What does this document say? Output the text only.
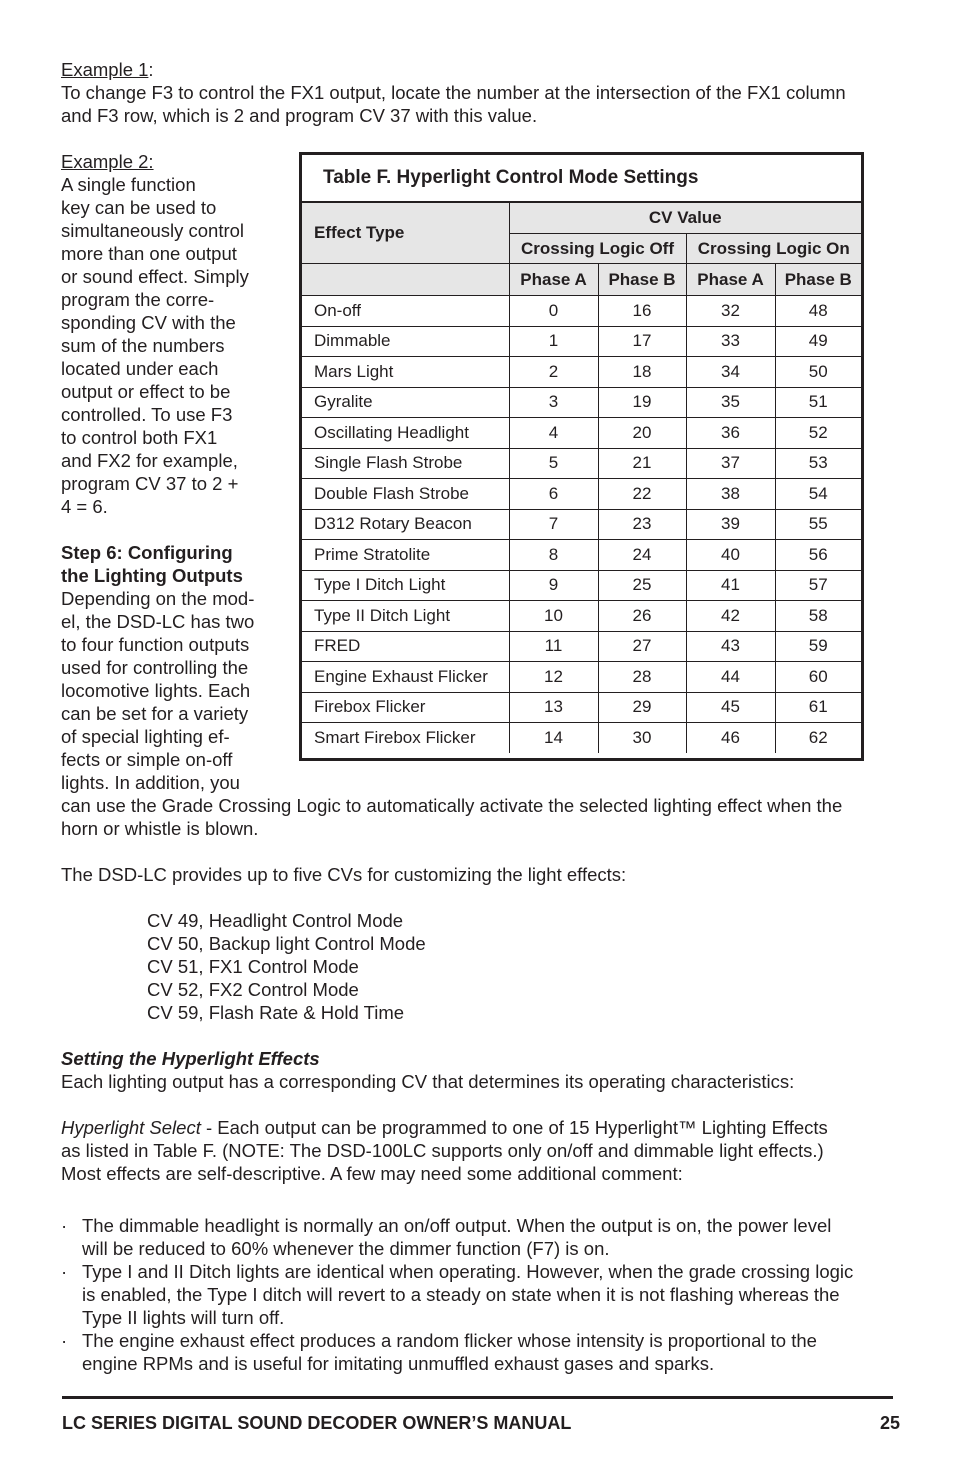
Example 1:
To change F3 to control the FX1 output, locate the number at the intersection of the FX1 column
and F3 row, which is 2 and program CV 37 with this value.
Example 2:
A single function
key can be used to
simultaneously control
more than one output
or sound effect. Simply
program the corre-
sponding CV with the
sum of the numbers
located under each
output or effect to be
controlled. To use F3
to control both FX1
and FX2 for example,
program CV 37 to 2 +
4 = 6.

Step 6: Configuring
the Lighting Outputs
Depending on the mod-
el, the DSD-LC has two
to four function outputs
used for controlling the
locomotive lights. Each
can be set for a variety
of special lighting ef-
fects or simple on-off
lights. In addition, you
can use the Grade Crossing Logic to automatically activate the selected lighting effect when the
horn or whistle is blown.

The DSD-LC provides up to five CVs for customizing the light effects:

CV 49, Headlight Control Mode
CV 50, Backup light Control Mode
CV 51, FX1 Control Mode
CV 52, FX2 Control Mode
CV 59, Flash Rate & Hold Time

Setting the Hyperlight Effects
Each lighting output has a corresponding CV that determines its operating characteristics:

Hyperlight Select - Each output can be programmed to one of 15 Hyperlight™ Lighting Effects
as listed in Table F. (NOTE: The DSD-100LC supports only on/off and dimmable light effects.)
Most effects are self-descriptive. A few may need some additional comment:
· The dimmable headlight is normally an on/off output. When the output is on, the power level
will be reduced to 60% whenever the dimmer function (F7) is on.
· Type I and II Ditch lights are identical when operating. However, when the grade crossing logic
is enabled, the Type I ditch will revert to a steady on state when it is not flashing whereas the
Type II lights will turn off.
· The engine exhaust effect produces a random flicker whose intensity is proportional to the
engine RPMs and is useful for imitating unmuffled exhaust gases and sparks.
Table F. Hyperlight Control Mode Settings
Effect Type	CV Value			
	Crossing Logic Off		Crossing Logic On	
	Phase A	Phase B	Phase A	Phase B
On-off	0	16	32	48
Dimmable	1	17	33	49
Mars Light	2	18	34	50
Gyralite	3	19	35	51
Oscillating Headlight	4	20	36	52
Single Flash Strobe	5	21	37	53
Double Flash Strobe	6	22	38	54
D312 Rotary Beacon	7	23	39	55
Prime Stratolite	8	24	40	56
Type I Ditch Light	9	25	41	57
Type II Ditch Light	10	26	42	58
FRED	11	27	43	59
Engine Exhaust Flicker	12	28	44	60
Firebox Flicker	13	29	45	61
Smart Firebox Flicker	14	30	46	62
LC SERIES DIGITAL SOUND DECODER OWNER’S MANUAL	25
